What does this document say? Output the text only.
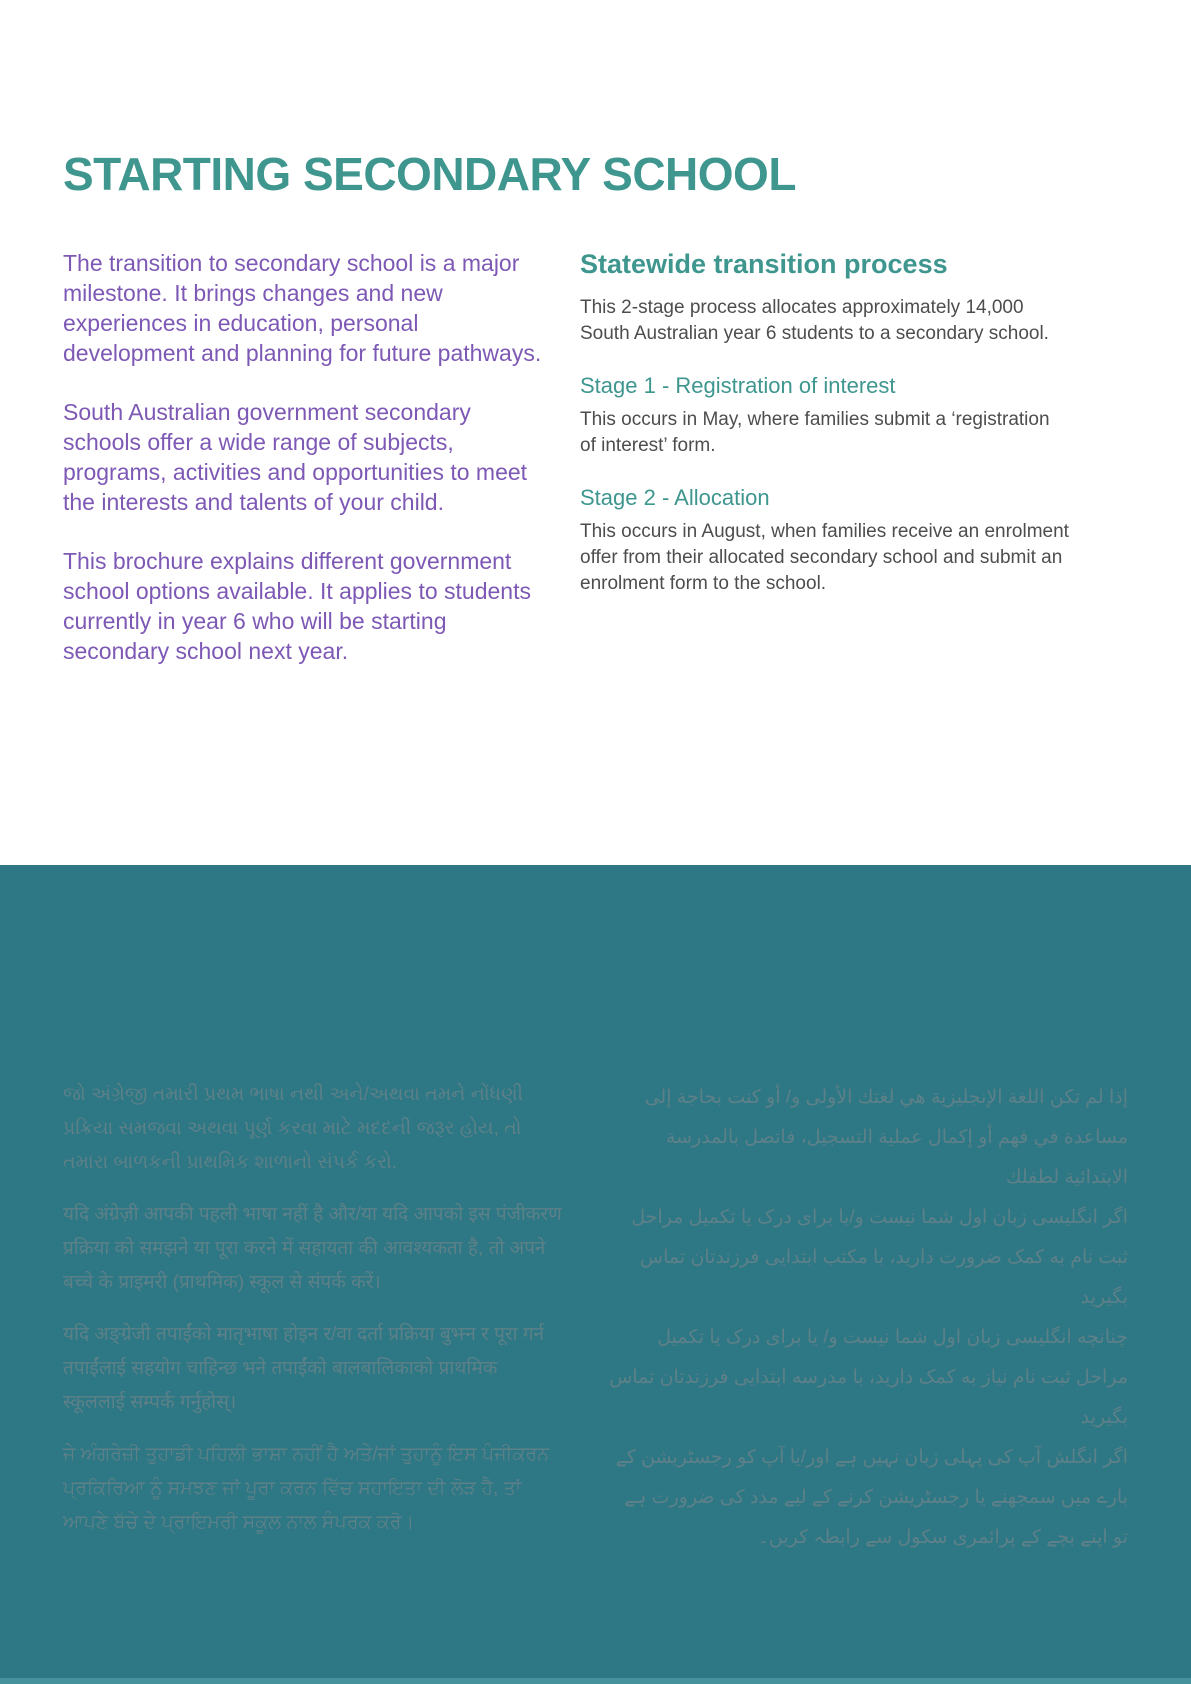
STARTING SECONDARY SCHOOL

The transition to secondary school is a major milestone. It brings changes and new experiences in education, personal development and planning for future pathways.

South Australian government secondary schools offer a wide range of subjects, programs, activities and opportunities to meet the interests and talents of your child.

This brochure explains different government school options available. It applies to students currently in year 6 who will be starting secondary school next year.

Statewide transition process

This 2-stage process allocates approximately 14,000 South Australian year 6 students to a secondary school.

Stage 1 - Registration of interest

This occurs in May, where families submit a ‘registration of interest’ form.

Stage 2 - Allocation

This occurs in August, when families receive an enrolment offer from their allocated secondary school and submit an enrolment form to the school.

જો અંગ્રેજી તમારી પ્રથમ ભાષા નથી અને/અથવા તમને નોંધણી પ્રક્રિયા સમજવા અથવા પૂર્ણ કરવા માટે મદદની જરૂર હોય, તો તમારા બાળકની પ્રાથમિક શાળાનો સંપર્ક કરો.

إذا لم تكن اللغة الإنجليزية هي لغتك الأولى و/ أو كنت بحاجة إلى مساعدة في فهم أو إكمال عملية التسجيل، فاتصل بالمدرسة الابتدائية لطفلك

यदि अंग्रेज़ी आपकी पहली भाषा नहीं है और/या यदि आपको इस पंजीकरण प्रक्रिया को समझने या पूरा करने में सहायता की आवश्यकता है, तो अपने बच्चे के प्राइमरी (प्राथमिक) स्कूल से संपर्क करें।

اگر انگلیسی زبان اول شما نیست و/یا برای درک یا تکمیل مراحل ثبت نام به کمک ضرورت دارید، با مکتب ابتدایی فرزندتان تماس بگیرید

यदि अङ्ग्रेजी तपाईंको मातृभाषा होइन र/वा दर्ता प्रक्रिया बुझ्न र पूरा गर्न तपाईंलाई सहयोग चाहिन्छ भने तपाईंको बालबालिकाको प्राथमिक स्कूललाई सम्पर्क गर्नुहोस्।

چنانچه انگلیسی زبان اول شما نیست و/ یا برای درک یا تکمیل مراحل ثبت نام نیاز به کمک دارید، با مدرسه ابتدایی فرزندتان تماس بگیرید

ਜੇ ਅੰਗਰੇਜ਼ੀ ਤੁਹਾਡੀ ਪਹਿਲੀ ਭਾਸ਼ਾ ਨਹੀਂ ਹੈ ਅਤੇ/ਜਾਂ ਤੁਹਾਨੂੰ ਇਸ ਪੰਜੀਕਰਨ ਪ੍ਰਕਿਰਿਆ ਨੂੰ ਸਮਝਣ ਜਾਂ ਪੂਰਾ ਕਰਨ ਵਿੱਚ ਸਹਾਇਤਾ ਦੀ ਲੋੜ ਹੈ, ਤਾਂ ਆਪਣੇ ਬੱਚੇ ਦੇ ਪ੍ਰਾਇਮਰੀ ਸਕੂਲ ਨਾਲ ਸੰਪਰਕ ਕਰੋ।

اگر انگلش آپ کی پہلی زبان نہیں ہے اور/یا آپ کو رجسٹریشن کے بارے میں سمجھنے یا رجسٹریشن کرنے کے لیے مدد کی ضرورت ہے تو اپنے بچے کے پرائمری سکول سے رابطہ کریں۔
